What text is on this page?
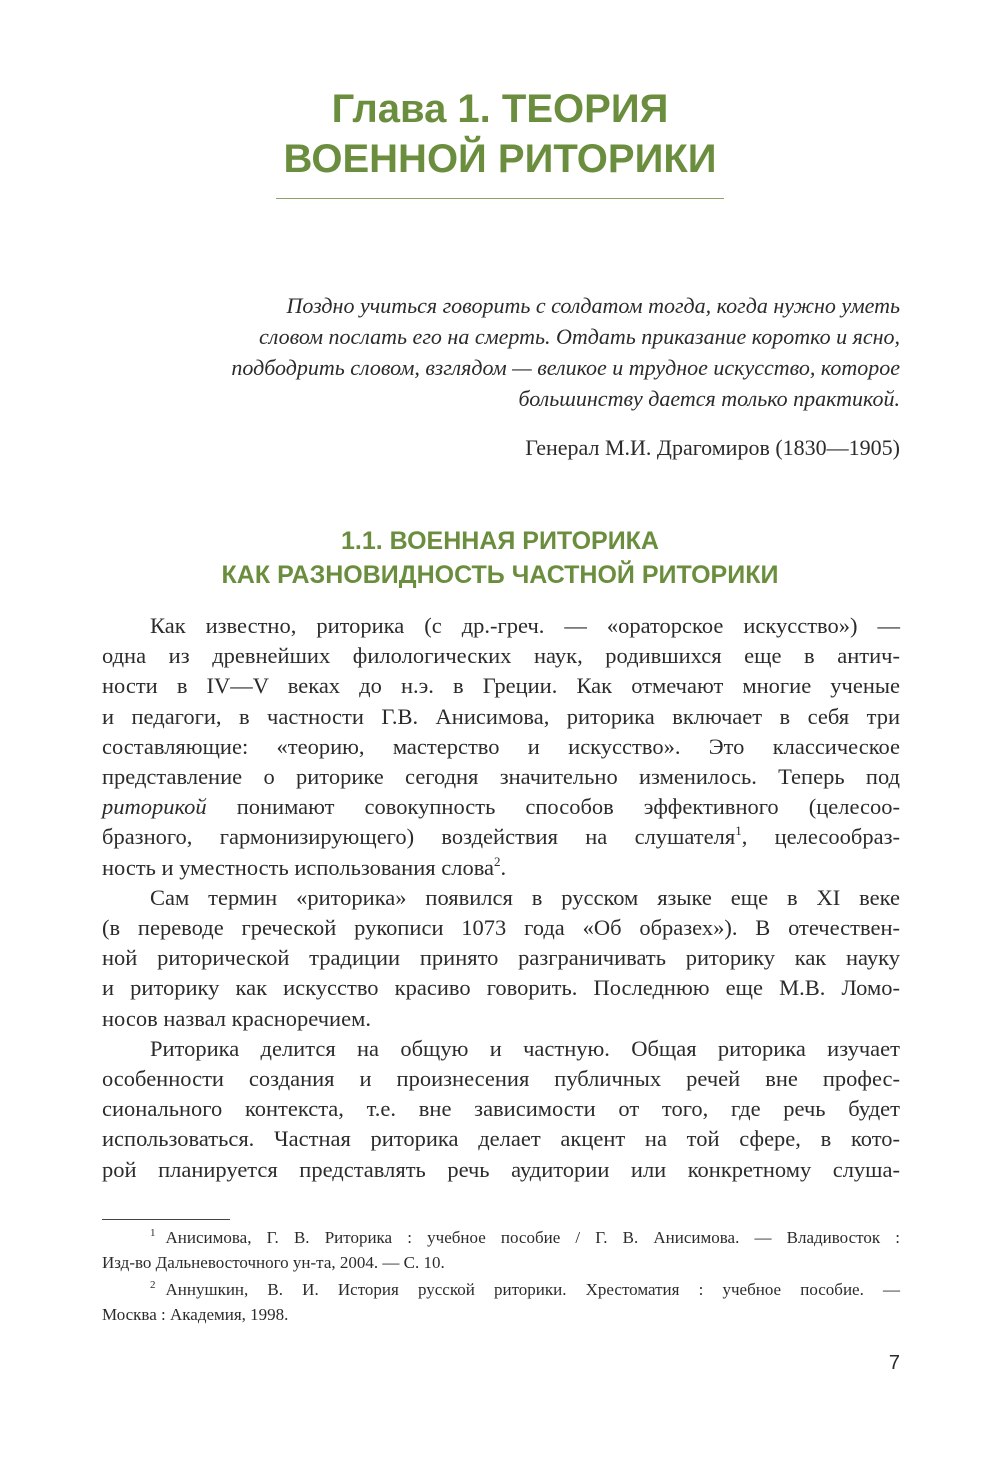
Глава 1. ТЕОРИЯ
ВОЕННОЙ РИТОРИКИ
Поздно учиться говорить с солдатом тогда, когда нужно уметь
словом послать его на смерть. Отдать приказание коротко и ясно,
подбодрить словом, взглядом — великое и трудное искусство, которое
большинству дается только практикой.
Генерал М.И. Драгомиров (1830—1905)
1.1. ВОЕННАЯ РИТОРИКА
КАК РАЗНОВИДНОСТЬ ЧАСТНОЙ РИТОРИКИ
Как известно, риторика (с др.-греч. — «ораторское искусство») —
одна из древнейших филологических наук, родившихся еще в антич-
ности в IV—V веках до н.э. в Греции. Как отмечают многие ученые
и педагоги, в частности Г.В. Анисимова, риторика включает в себя три
составляющие: «теорию, мастерство и искусство». Это классическое
представление о риторике сегодня значительно изменилось. Теперь под
риторикой понимают совокупность способов эффективного (целесоо-
бразного, гармонизирующего) воздействия на слушателя$^1$, целесообраз-
ность и уместность использования слова$^2$.
Сам термин «риторика» появился в русском языке еще в XI веке
(в переводе греческой рукописи 1073 года «Об образех»). В отечествен-
ной риторической традиции принято разграничивать риторику как науку
и риторику как искусство красиво говорить. Последнюю еще М.В. Ломо-
носов назвал красноречием.
Риторика делится на общую и частную. Общая риторика изучает
особенности создания и произнесения публичных речей вне профес-
сионального контекста, т.е. вне зависимости от того, где речь будет
использоваться. Частная риторика делает акцент на той сфере, в кото-
рой планируется представлять речь аудитории или конкретному слуша-
$^1$ Анисимова, Г. В. Риторика : учебное пособие / Г. В. Анисимова. — Владивосток :
Изд-во Дальневосточного ун-та, 2004. — С. 10.
$^2$ Аннушкин, В. И. История русской риторики. Хрестоматия : учебное пособие. —
Москва : Академия, 1998.
7
